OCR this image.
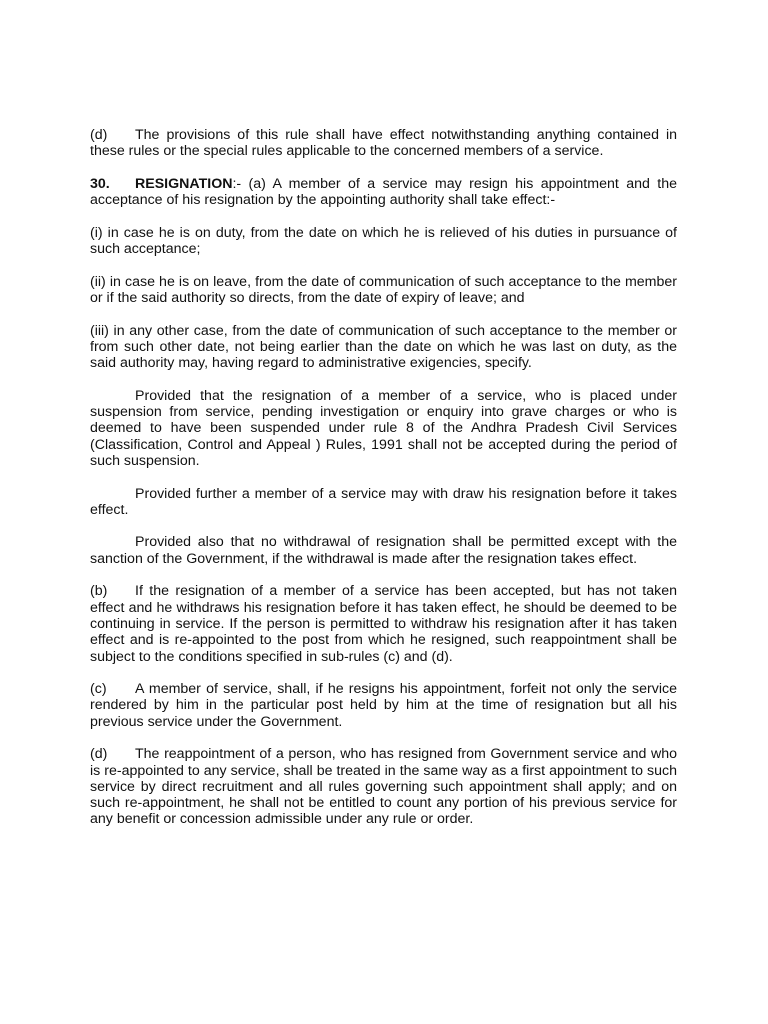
(d) The provisions of this rule shall have effect notwithstanding anything contained in these rules or the special rules applicable to the concerned members of a service.

30. RESIGNATION:- (a) A member of a service may resign his appointment and the acceptance of his resignation by the appointing authority shall take effect:-

(i) in case he is on duty, from the date on which he is relieved of his duties in pursuance of such acceptance;

(ii) in case he is on leave, from the date of communication of such acceptance to the member or if the said authority so directs, from the date of expiry of leave; and

(iii) in any other case, from the date of communication of such acceptance to the member or from such other date, not being earlier than the date on which he was last on duty, as the said authority may, having regard to administrative exigencies, specify.

Provided that the resignation of a member of a service, who is placed under suspension from service, pending investigation or enquiry into grave charges or who is deemed to have been suspended under rule 8 of the Andhra Pradesh Civil Services (Classification, Control and Appeal ) Rules, 1991 shall not be accepted during the period of such suspension.

Provided further a member of a service may with draw his resignation before it takes effect.

Provided also that no withdrawal of resignation shall be permitted except with the sanction of the Government, if the withdrawal is made after the resignation takes effect.

(b) If the resignation of a member of a service has been accepted, but has not taken effect and he withdraws his resignation before it has taken effect, he should be deemed to be continuing in service. If the person is permitted to withdraw his resignation after it has taken effect and is re-appointed to the post from which he resigned, such reappointment shall be subject to the conditions specified in sub-rules (c) and (d).

(c) A member of service, shall, if he resigns his appointment, forfeit not only the service rendered by him in the particular post held by him at the time of resignation but all his previous service under the Government.

(d) The reappointment of a person, who has resigned from Government service and who is re-appointed to any service, shall be treated in the same way as a first appointment to such service by direct recruitment and all rules governing such appointment shall apply; and on such re-appointment, he shall not be entitled to count any portion of his previous service for any benefit or concession admissible under any rule or order.
